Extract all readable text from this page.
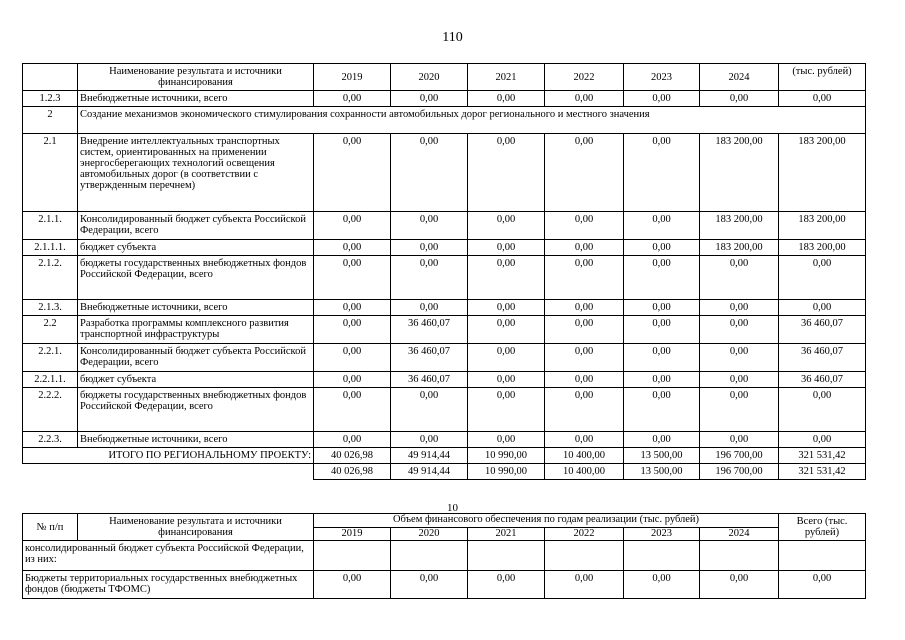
110
	Наименование результата и источники финансирования	2019	2020	2021	2022	2023	2024	(тыс. рублей)
1.2.3	Внебюджетные источники, всего	0,00	0,00	0,00	0,00	0,00	0,00	0,00
2	Создание механизмов экономического стимулирования сохранности автомобильных дорог регионального и местного значения							
2.1	Внедрение интеллектуальных транспортных систем, ориентированных на применении энергосберегающих технологий освещения автомобильных дорог (в соответствии с утвержденным перечнем)	0,00	0,00	0,00	0,00	0,00	183 200,00	183 200,00
2.1.1.	Консолидированный бюджет субъекта Российской Федерации, всего	0,00	0,00	0,00	0,00	0,00	183 200,00	183 200,00
2.1.1.1.	бюджет субъекта	0,00	0,00	0,00	0,00	0,00	183 200,00	183 200,00
2.1.2.	бюджеты государственных внебюджетных фондов Российской Федерации, всего	0,00	0,00	0,00	0,00	0,00	0,00	0,00
2.1.3.	Внебюджетные источники, всего	0,00	0,00	0,00	0,00	0,00	0,00	0,00
2.2	Разработка программы комплексного развития транспортной инфраструктуры	0,00	36 460,07	0,00	0,00	0,00	0,00	36 460,07
2.2.1.	Консолидированный бюджет субъекта Российской Федерации, всего	0,00	36 460,07	0,00	0,00	0,00	0,00	36 460,07
2.2.1.1.	бюджет субъекта	0,00	36 460,07	0,00	0,00	0,00	0,00	36 460,07
2.2.2.	бюджеты государственных внебюджетных фондов Российской Федерации, всего	0,00	0,00	0,00	0,00	0,00	0,00	0,00
2.2.3.	Внебюджетные источники, всего	0,00	0,00	0,00	0,00	0,00	0,00	0,00
ИТОГО ПО РЕГИОНАЛЬНОМУ ПРОЕКТУ:		40 026,98	49 914,44	10 990,00	10 400,00	13 500,00	196 700,00	321 531,42
		40 026,98	49 914,44	10 990,00	10 400,00	13 500,00	196 700,00	321 531,42
10
№ п/п	Наименование результата и источники финансирования	Объем финансового обеспечения по годам реализации (тыс. рублей)						Всего (тыс. рублей)
		2019	2020	2021	2022	2023	2024	
консолидированный бюджет субъекта Российской Федерации, из них:								
Бюджеты территориальных государственных внебюджетных фондов (бюджеты ТФОМС)		0,00	0,00	0,00	0,00	0,00	0,00	0,00
